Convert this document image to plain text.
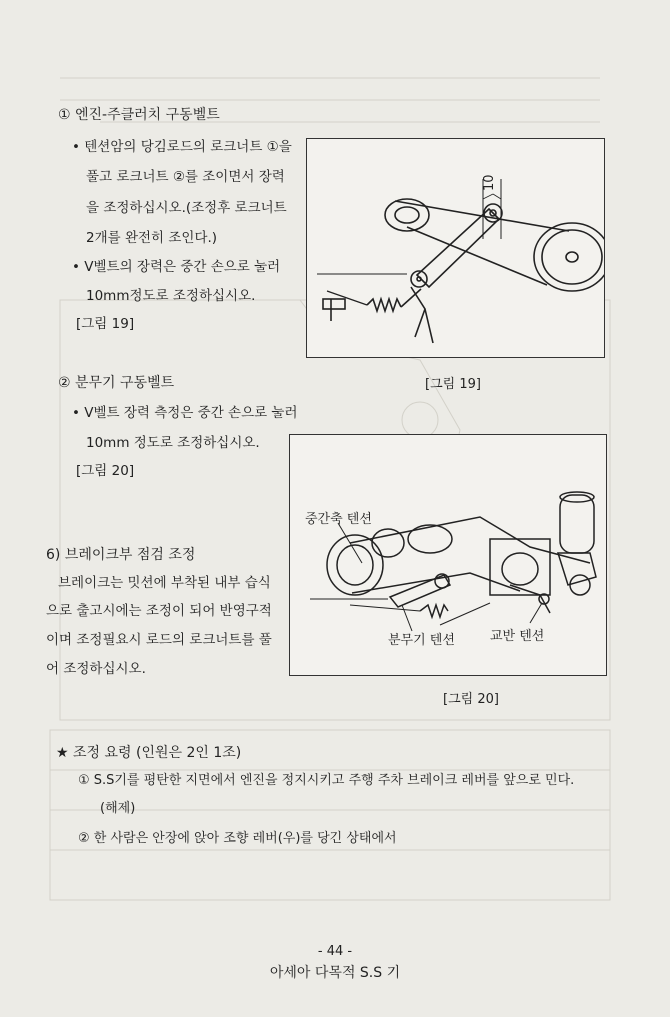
① 엔진-주클러치 구동벨트
• 텐션암의 당김로드의 로크너트 ①을
풀고 로크너트 ②를 조이면서 장력
을 조정하십시오.(조정후 로크너트
2개를 완전히 조인다.)
• V벨트의 장력은 중간 손으로 눌러
10mm정도로 조정하십시오.
[그림 19]
10
[그림 19]
② 분무기 구동벨트
• V벨트 장력 측정은 중간 손으로 눌러
10mm 정도로 조정하십시오.
[그림 20]
중간축 텐션
분무기 텐션	교반 텐션
[그림 20]
6) 브레이크부 점검 조정
브레이크는 밋션에 부착된 내부 습식
으로 출고시에는 조정이 되어 반영구적
이며 조정필요시 로드의 로크너트를 풀
어 조정하십시오.
★ 조정 요령 (인원은 2인 1조)
① S.S기를 평탄한 지면에서 엔진을 정지시키고 주행 주차 브레이크 레버를 앞으로 민다.
(해제)
② 한 사람은 안장에 앉아 조향 레버(우)를 당긴 상태에서
- 44 -
아세아 다목적 S.S 기
